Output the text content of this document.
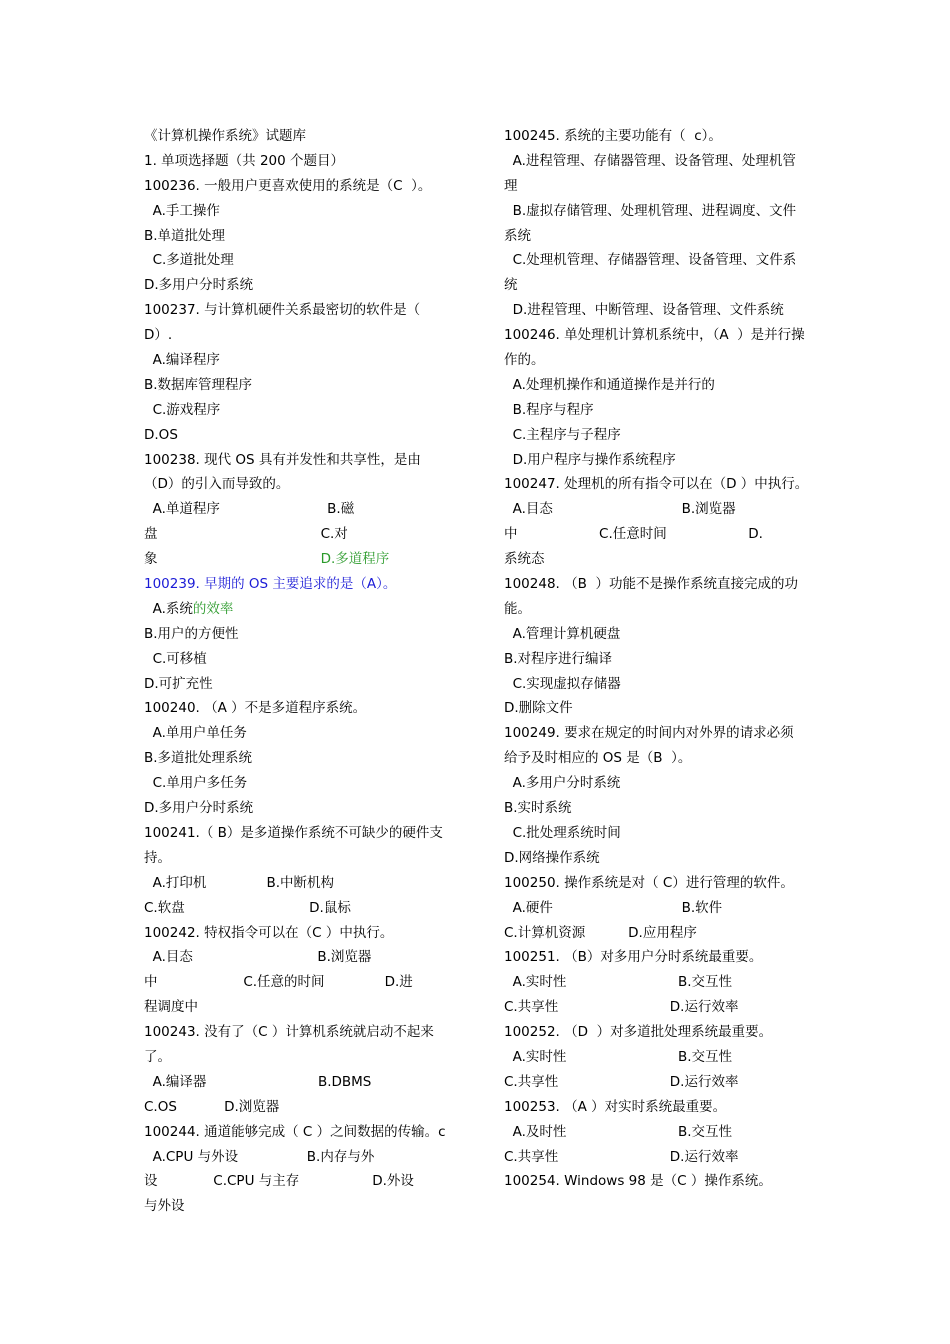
《计算机操作系统》试题库
1. 单项选择题（共 200 个题目）
100236. 一般用户更喜欢使用的系统是（C  ）。
A.手工操作
B.单道批处理
C.多道批处理
D.多用户分时系统
100237. 与计算机硬件关系最密切的软件是（
D）.
A.编译程序
B.数据库管理程序
C.游戏程序
D.OS
100238. 现代 OS 具有并发性和共享性，是由
（D）的引入而导致的。
A.单道程序                         B.磁
盘                                      C.对
象                                      D.多道程序
100239. 早期的 OS 主要追求的是（A）。
A.系统的效率
B.用户的方便性
C.可移植
D.可扩充性
100240. （A ）不是多道程序系统。
A.单用户单任务
B.多道批处理系统
C.单用户多任务
D.多用户分时系统
100241.（ B）是多道操作系统不可缺少的硬件支
持。
A.打印机              B.中断机构
C.软盘                             D.鼠标
100242. 特权指令可以在（C ）中执行。
A.目态                             B.浏览器
中                    C.任意的时间              D.进
程调度中
100243. 没有了（C ）计算机系统就启动不起来
了。
A.编译器                          B.DBMS
C.OS           D.浏览器
100244. 通道能够完成（ C ）之间数据的传输。c
A.CPU 与外设                B.内存与外
设             C.CPU 与主存                 D.外设
与外设
100245. 系统的主要功能有（  c）。
A.进程管理、存储器管理、设备管理、处理机管
理
B.虚拟存储管理、处理机管理、进程调度、文件
系统
C.处理机管理、存储器管理、设备管理、文件系
统
D.进程管理、中断管理、设备管理、文件系统
100246. 单处理机计算机系统中，（A  ）是并行操
作的。
A.处理机操作和通道操作是并行的
B.程序与程序
C.主程序与子程序
D.用户程序与操作系统程序
100247. 处理机的所有指令可以在（D ）中执行。
A.目态                              B.浏览器
中                   C.任意时间                   D.
系统态
100248. （B  ）功能不是操作系统直接完成的功
能。
A.管理计算机硬盘
B.对程序进行编译
C.实现虚拟存储器
D.删除文件
100249. 要求在规定的时间内对外界的请求必须
给予及时相应的 OS 是（B  ）。
A.多用户分时系统
B.实时系统
C.批处理系统时间
D.网络操作系统
100250. 操作系统是对（ C）进行管理的软件。
A.硬件                              B.软件
C.计算机资源          D.应用程序
100251. （B）对多用户分时系统最重要。
A.实时性                          B.交互性
C.共享性                          D.运行效率
100252. （D  ）对多道批处理系统最重要。
A.实时性                          B.交互性
C.共享性                          D.运行效率
100253. （A ）对实时系统最重要。
A.及时性                          B.交互性
C.共享性                          D.运行效率
100254. Windows 98 是（C ）操作系统。
